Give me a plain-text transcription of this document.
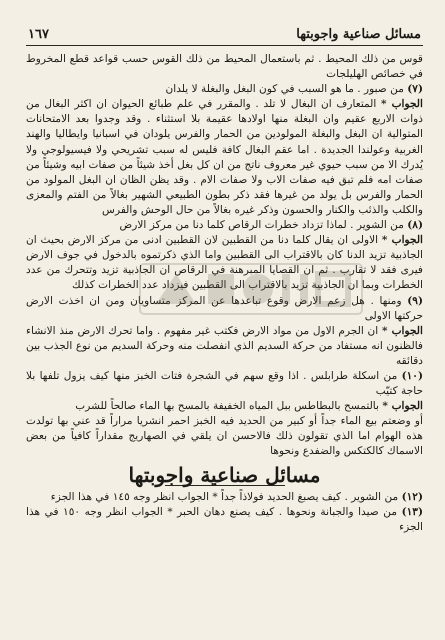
مسائل صناعية واجوبتها
١٦٧

قوس من ذلك المحيط . ثم باستعمال المحيط من ذلك القوس حسب قواعد قطع المخروط في خصائص الهليلجات

(٧) من صبور . ما هو السبب في كون البغل والبغلة لا يلدان

الجواب * المتعارف ان البغال لا تلد . والمقرر في علم طبائع الحيوان ان اكثر البغال من ذوات الاربع عقيم وان البغلة منها اولادها عقيمة بلا استثناء . وقد وجدوا بعد الامتحانات المتوالية ان البغل والبغلة المولودين من الحمار والفرس يلودان في اسبانيا وايطاليا والهند الغربية وعولندا الجديدة . اما عقم البغال كافة فليس له سبب تشريحي ولا فيسيولوجي ولا يُدرك الا من سبب حيوي غير معروف ناتج من ان كل بغل أخذ شيئاً من صفات ابيه وشيئاً من صفات امه فلم تبق فيه صفات الاب ولا صفات الام . وقد يظن الظان ان البغل المولود من الحمار والفرس بل يولد من غيرها فقد ذكر بطون الطبيعي الشهير بغالاً من الفتم والمعزى والكلب والذئب والكنار والحسون وذكر غيره بغالاً من حال الوحش والفرس

(٨) من الشوير . لماذا تزداد خطرات الرقاص كلما دنا من مركز الارض

الجواب * الاولى ان يقال كلما دنا من القطبين لان القطبين ادنى من مركز الارض بحيث ان الجاذبية تزيد الدنا كان بالاقتراب الى القطبين واما الذي ذكرتموه بالدخول في جوف الارض فيرى فقد لا تقارب . ثم ان القصايا المبرهنة في الرقاص ان الجاذبية تزيد وتتحرك من عدد الخطرات وبما ان الجاذبية تزيد بالاقتراب الى القطبين فيزداد عدد الخطرات كذلك

(٩) ومنها . هل زعم الارض وقوع تباعدها عن المركز متساويان ومن ان اخذت الارض حركتها الاولى

الجواب * ان الجرم الاول من مواد الارض فكتب غير مفهوم . واما تحرك الارض منذ الانشاء فالظنون انه مستفاد من حركة السديم الذي انفصلت منه وحركة السديم من نوع الجذب بين دقائقه

(١٠) من اسكلة طرابلس . اذا وقع سهم في الشجرة فتات الخبز منها كيف يزول تلفها بلا حاجة كتيّب

الجواب * بالتمسح بالبطاطس ببل المياه الخفيفة بالمسح بها الماء صالحاً للشرب

أو وضعتم بيع الماء جداً أو كبير من الحديد فيه الخبز احمر انشريا مراراً قد عني بها تولدت هذه الهوام اما الذي تقولون ذلك فالاحسن ان يلقي في الصهاريج مقداراً كافياً من بعض الاسماك كالكتكس والضفدع ونحوها

مسائل صناعية واجوبتها

(١٢) من الشوير . كيف يصبغ الحديد فولاذاً جداً * الجواب انظر وجه ١٤٥ في هذا الجزء

(١٣) من صيدا والجبانة ونحوها . كيف يصنع دهان الحبر * الجواب انظر وجه ١٥٠ في هذا الجزء
